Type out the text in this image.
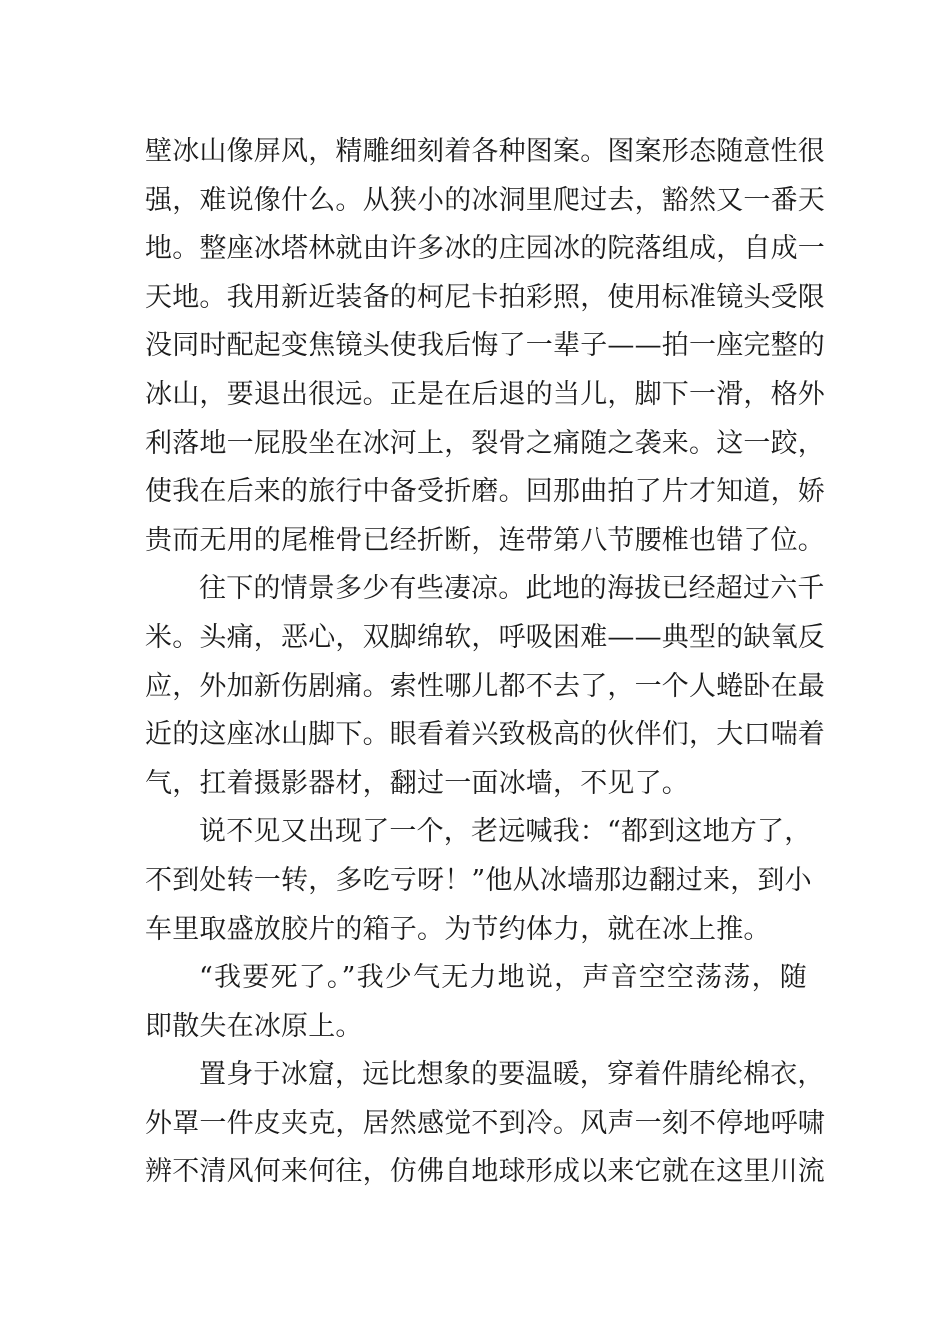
壁冰山像屏风，精雕细刻着各种图案。图案形态随意性很
强，难说像什么。从狭小的冰洞里爬过去，豁然又一番天
地。整座冰塔林就由许多冰的庄园冰的院落组成，自成一
天地。我用新近装备的柯尼卡拍彩照，使用标准镜头受限
没同时配起变焦镜头使我后悔了一辈子——拍一座完整的
冰山，要退出很远。正是在后退的当儿，脚下一滑，格外
利落地一屁股坐在冰河上，裂骨之痛随之袭来。这一跤，
使我在后来的旅行中备受折磨。回那曲拍了片才知道，娇
贵而无用的尾椎骨已经折断，连带第八节腰椎也错了位。
往下的情景多少有些凄凉。此地的海拔已经超过六千
米。头痛，恶心，双脚绵软，呼吸困难——典型的缺氧反
应，外加新伤剧痛。索性哪儿都不去了，一个人蜷卧在最
近的这座冰山脚下。眼看着兴致极高的伙伴们，大口喘着
气，扛着摄影器材，翻过一面冰墙，不见了。
说不见又出现了一个，老远喊我：“都到这地方了，
不到处转一转，多吃亏呀！”他从冰墙那边翻过来，到小
车里取盛放胶片的箱子。为节约体力，就在冰上推。
“我要死了。”我少气无力地说，声音空空荡荡，随
即散失在冰原上。
置身于冰窟，远比想象的要温暖，穿着件腈纶棉衣，
外罩一件皮夹克，居然感觉不到冷。风声一刻不停地呼啸
辨不清风何来何往，仿佛自地球形成以来它就在这里川流
